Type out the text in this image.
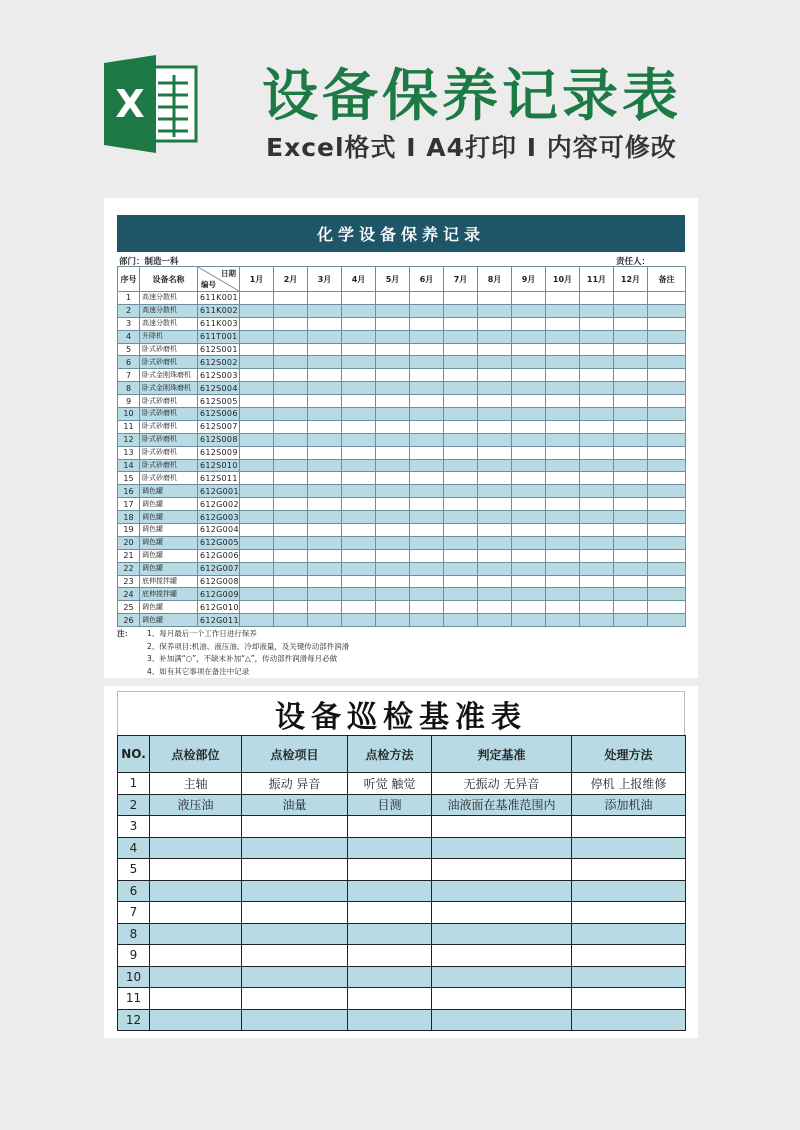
X 设备保养记录表
Excel格式 I A4打印 I 内容可修改
化学设备保养记录
部门：制造一科	责任人：
序号	设备名称	日期
编号	1月	2月	3月	4月	5月	6月	7月	8月	9月	10月	11月	12月	备注
1	高速分散机	611K001													
2	高速分散机	611K002													
3	高速分散机	611K003													
4	升降机	611T001													
5	卧式砂磨机	612S001													
6	卧式砂磨机	612S002													
7	卧式金刚珠磨机	612S003													
8	卧式金刚珠磨机	612S004													
9	卧式砂磨机	612S005													
10	卧式砂磨机	612S006													
11	卧式砂磨机	612S007													
12	卧式砂磨机	612S008													
13	卧式砂磨机	612S009													
14	卧式砂磨机	612S010													
15	卧式砂磨机	612S011													
16	调色罐	612G001													
17	调色罐	612G002													
18	调色罐	612G003													
19	调色罐	612G004													
20	调色罐	612G005													
21	调色罐	612G006													
22	调色罐	612G007													
23	底伸搅拌罐	612G008													
24	底伸搅拌罐	612G009													
25	调色罐	612G010													
26	调色罐	612G011													
注：	1、每月最后一个工作日进行保养
2、保养项目:机油、液压油、冷却液量，及关键传动部件润滑
3、补加满“○”，不缺未补加“△”，传动部件润滑每月必做
4、如有其它事项在备注中记录
设备巡检基准表
NO.	点检部位	点检项目	点检方法	判定基准	处理方法
1	主轴	振动 异音	听觉 触觉	无振动 无异音	停机 上报维修
2	液压油	油量	目测	油液面在基准范围内	添加机油
3					
4					
5					
6					
7					
8					
9					
10					
11					
12					
